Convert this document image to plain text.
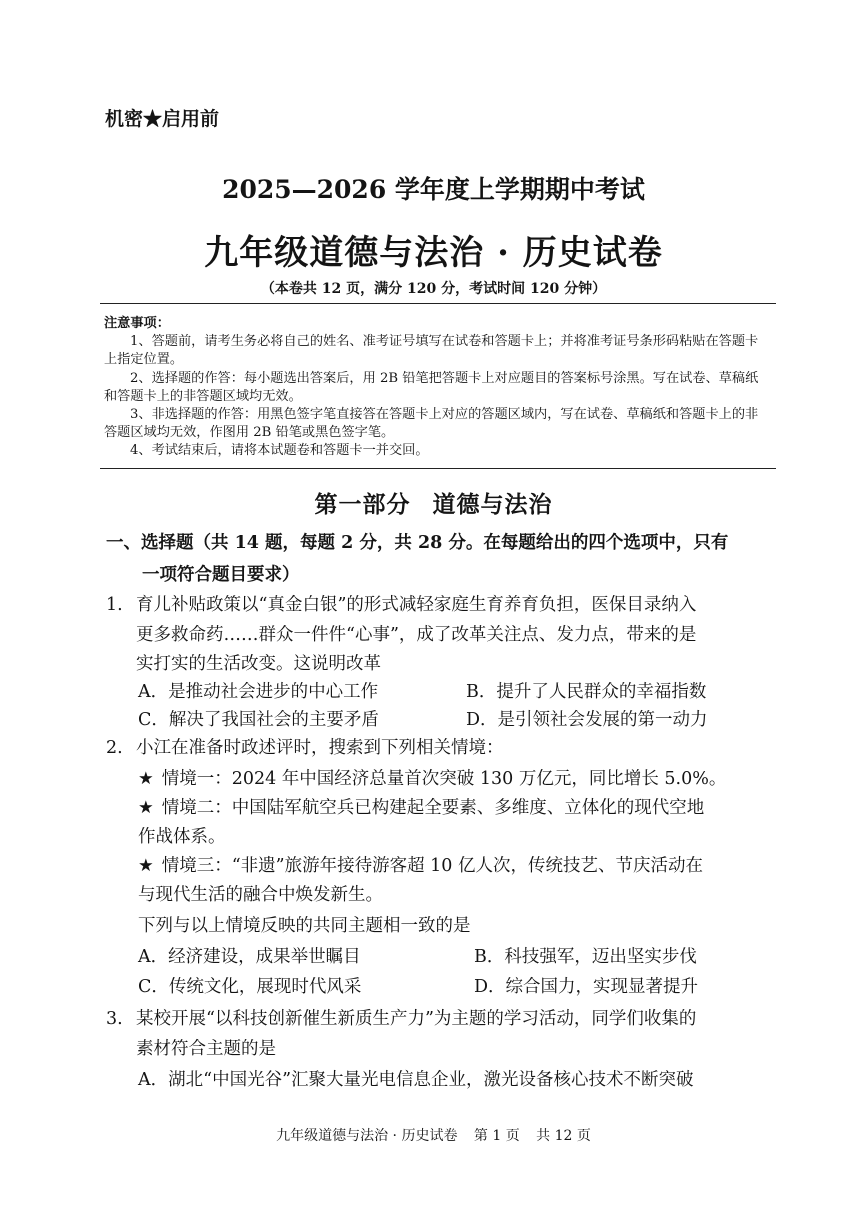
机密★启用前
2025—2026 学年度上学期期中考试
九年级道德与法治 · 历史试卷
（本卷共 12 页，满分 120 分，考试时间 120 分钟）
注意事项：

1、答题前，请考生务必将自己的姓名、准考证号填写在试卷和答题卡上；并将准考证号条形码粘贴在答题卡上指定位置。

2、选择题的作答：每小题选出答案后，用 2B 铅笔把答题卡上对应题目的答案标号涂黑。写在试卷、草稿纸和答题卡上的非答题区域均无效。

3、非选择题的作答：用黑色签字笔直接答在答题卡上对应的答题区域内，写在试卷、草稿纸和答题卡上的非答题区域均无效，作图用 2B 铅笔或黑色签字笔。

4、考试结束后，请将本试题卷和答题卡一并交回。

第一部分 道德与法治
一、选择题（共 14 题，每题 2 分，共 28 分。在每题给出的四个选项中，只有
一项符合题目要求）
1. 育儿补贴政策以“真金白银”的形式减轻家庭生育养育负担，医保目录纳入
更多救命药……群众一件件“心事”，成了改革关注点、发力点，带来的是
实打实的生活改变。这说明改革
A．是推动社会进步的中心工作	B．提升了人民群众的幸福指数
C．解决了我国社会的主要矛盾	D．是引领社会发展的第一动力
2. 小江在准备时政述评时，搜索到下列相关情境：
★ 情境一：2024 年中国经济总量首次突破 130 万亿元，同比增长 5.0%。
★ 情境二：中国陆军航空兵已构建起全要素、多维度、立体化的现代空地
作战体系。
★ 情境三：“非遗”旅游年接待游客超 10 亿人次，传统技艺、节庆活动在
与现代生活的融合中焕发新生。
下列与以上情境反映的共同主题相一致的是
A．经济建设，成果举世瞩目	B．科技强军，迈出坚实步伐
C．传统文化，展现时代风采	D．综合国力，实现显著提升
3. 某校开展“以科技创新催生新质生产力”为主题的学习活动，同学们收集的
素材符合主题的是
A．湖北“中国光谷”汇聚大量光电信息企业，激光设备核心技术不断突破
九年级道德与法治 · 历史试卷 第 1 页 共 12 页
